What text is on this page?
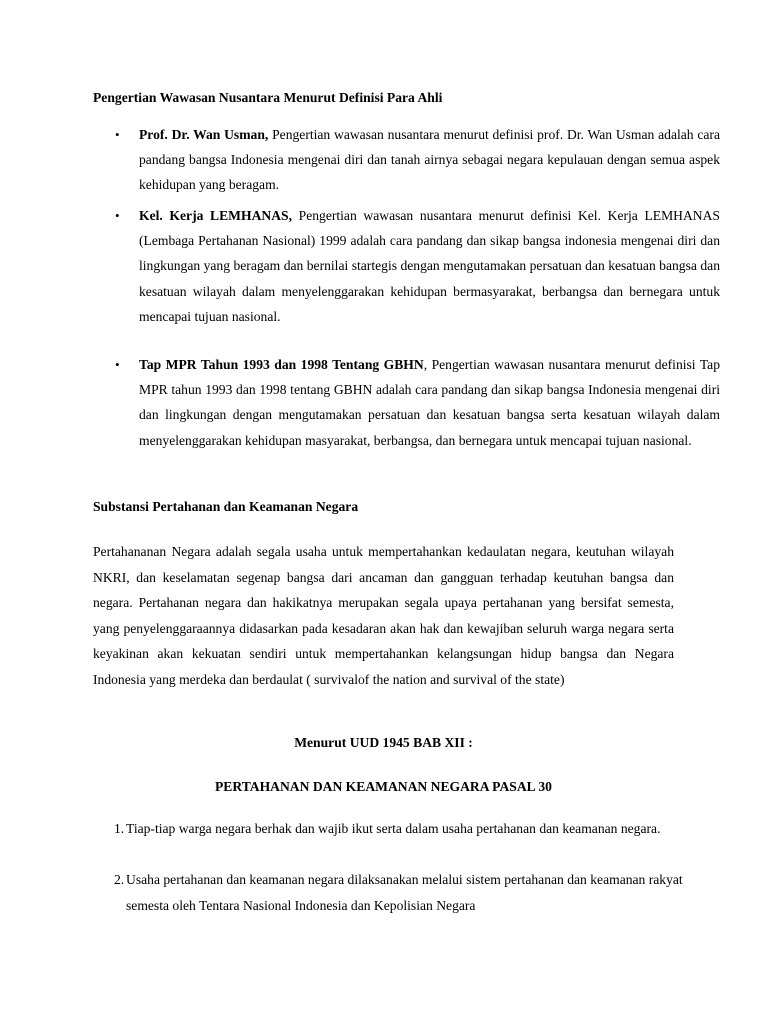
Pengertian Wawasan Nusantara Menurut Definisi Para Ahli
• Prof. Dr. Wan Usman, Pengertian wawasan nusantara menurut definisi prof. Dr. Wan Usman adalah cara pandang bangsa Indonesia mengenai diri dan tanah airnya sebagai negara kepulauan dengan semua aspek kehidupan yang beragam.
• Kel. Kerja LEMHANAS, Pengertian wawasan nusantara menurut definisi Kel. Kerja LEMHANAS (Lembaga Pertahanan Nasional) 1999 adalah cara pandang dan sikap bangsa indonesia mengenai diri dan lingkungan yang beragam dan bernilai startegis dengan mengutamakan persatuan dan kesatuan bangsa dan kesatuan wilayah dalam menyelenggarakan kehidupan bermasyarakat, berbangsa dan bernegara untuk mencapai tujuan nasional.
• Tap MPR Tahun 1993 dan 1998 Tentang GBHN, Pengertian wawasan nusantara menurut definisi Tap MPR tahun 1993 dan 1998 tentang GBHN adalah cara pandang dan sikap bangsa Indonesia mengenai diri dan lingkungan dengan mengutamakan persatuan dan kesatuan bangsa serta kesatuan wilayah dalam menyelenggarakan kehidupan masyarakat, berbangsa, dan bernegara untuk mencapai tujuan nasional.
Substansi Pertahanan dan Keamanan Negara

Pertahananan Negara adalah segala usaha untuk mempertahankan kedaulatan negara, keutuhan wilayah NKRI, dan keselamatan segenap bangsa dari ancaman dan gangguan terhadap keutuhan bangsa dan negara. Pertahanan negara dan hakikatnya merupakan segala upaya pertahanan yang bersifat semesta, yang penyelenggaraannya didasarkan pada kesadaran akan hak dan kewajiban seluruh warga negara serta keyakinan akan kekuatan sendiri untuk mempertahankan kelangsungan hidup bangsa dan Negara Indonesia yang merdeka dan berdaulat ( survivalof the nation and survival of the state)

Menurut UUD 1945 BAB XII :
PERTAHANAN DAN KEAMANAN NEGARA PASAL 30
1. Tiap-tiap warga negara berhak dan wajib ikut serta dalam usaha pertahanan dan keamanan negara.
2. Usaha pertahanan dan keamanan negara dilaksanakan melalui sistem pertahanan dan keamanan rakyat semesta oleh Tentara Nasional Indonesia dan Kepolisian Negara
